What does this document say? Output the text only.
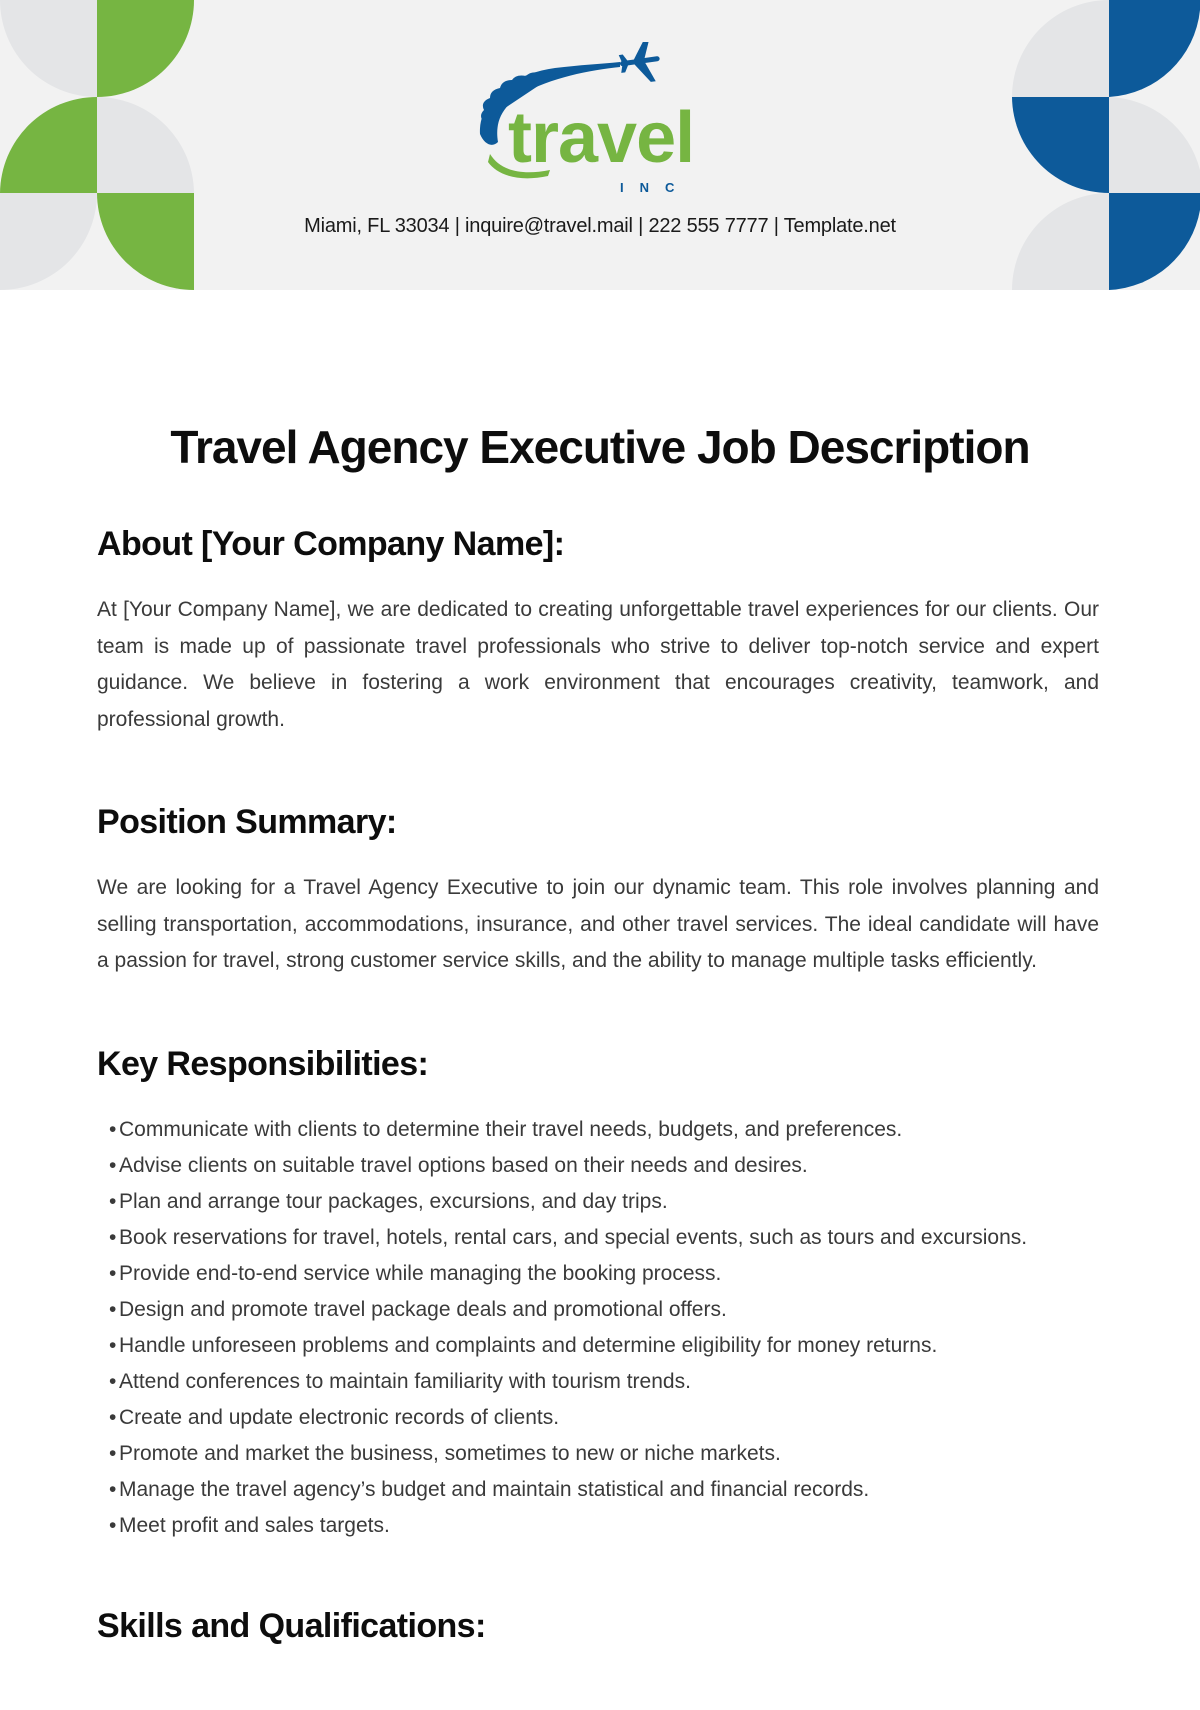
travel
INC
Miami, FL 33034 | inquire@travel.mail | 222 555 7777 | Template.net
Travel Agency Executive Job Description
About [Your Company Name]:

At [Your Company Name], we are dedicated to creating unforgettable travel experiences for our clients. Our team is made up of passionate travel professionals who strive to deliver top-notch service and expert guidance. We believe in fostering a work environment that encourages creativity, teamwork, and professional growth.

Position Summary:

We are looking for a Travel Agency Executive to join our dynamic team. This role involves planning and selling transportation, accommodations, insurance, and other travel services. The ideal candidate will have a passion for travel, strong customer service skills, and the ability to manage multiple tasks efficiently.

Key Responsibilities:
• Communicate with clients to determine their travel needs, budgets, and preferences.
• Advise clients on suitable travel options based on their needs and desires.
• Plan and arrange tour packages, excursions, and day trips.
• Book reservations for travel, hotels, rental cars, and special events, such as tours and excursions.
• Provide end-to-end service while managing the booking process.
• Design and promote travel package deals and promotional offers.
• Handle unforeseen problems and complaints and determine eligibility for money returns.
• Attend conferences to maintain familiarity with tourism trends.
• Create and update electronic records of clients.
• Promote and market the business, sometimes to new or niche markets.
• Manage the travel agency’s budget and maintain statistical and financial records.
• Meet profit and sales targets.
Skills and Qualifications:
